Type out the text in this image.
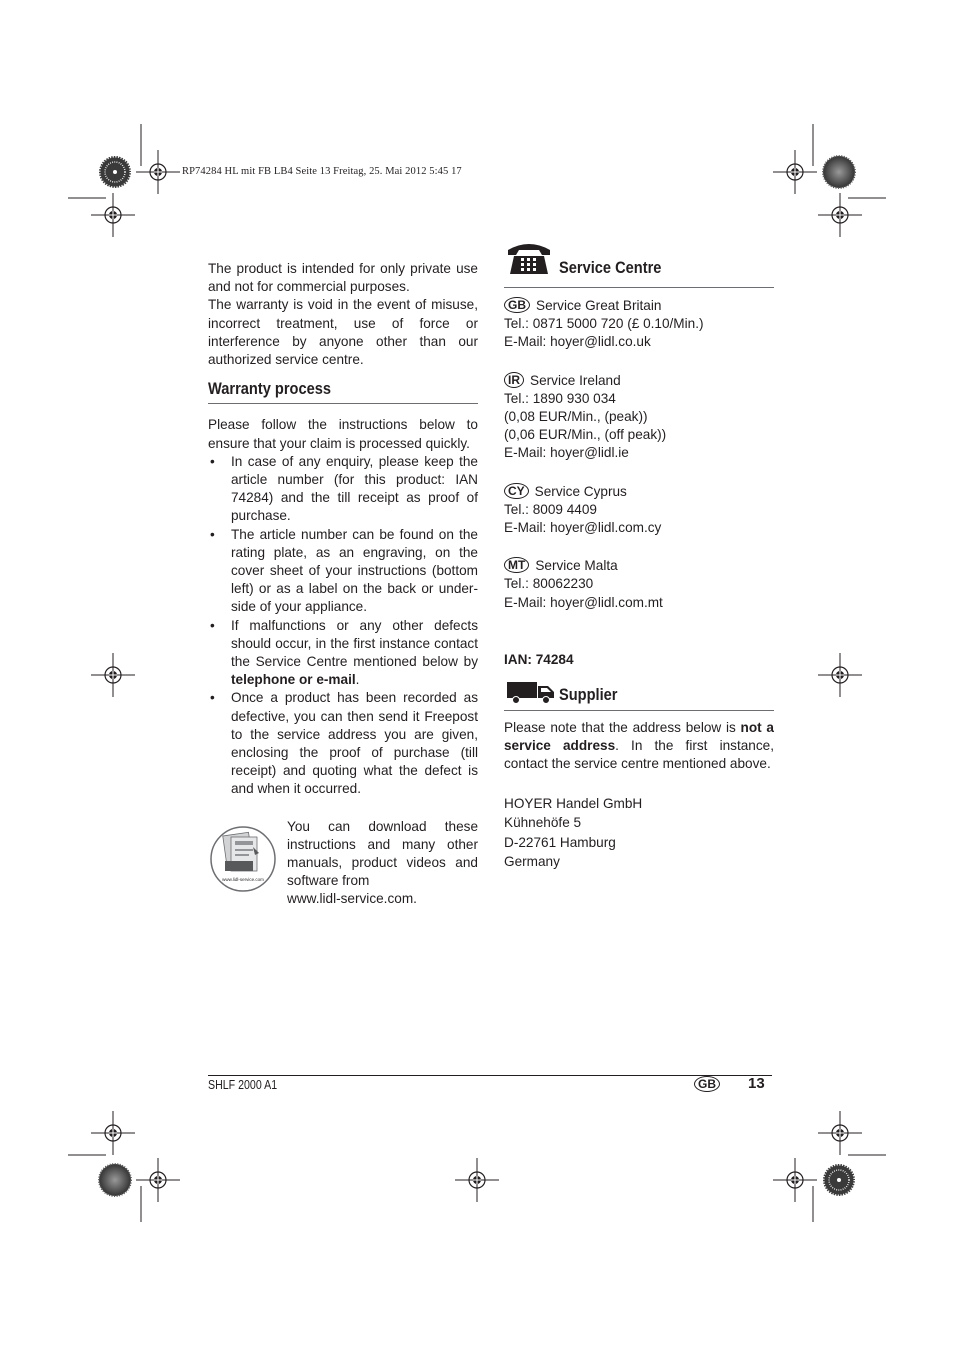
RP74284 HL mit FB LB4 Seite 13 Freitag, 25. Mai 2012 5:45 17
The product is intended for only private use and not for commercial purposes.
The warranty is void in the event of misuse, incorrect treatment, use of force or interference by anyone other than our authorized service centre.
Warranty process
Please follow the instructions below to ensure that your claim is processed quickly.
• In case of any enquiry, please keep the article number (for this product: IAN 74284) and the till receipt as proof of purchase.
• The article number can be found on the rating plate, as an engraving, on the cover sheet of your instructions (bottom left) or as a label on the back or under-side of your appliance.
• If malfunctions or any other defects should occur, in the first instance contact the Service Centre mentioned below by telephone or e-mail.
• Once a product has been recorded as defective, you can then send it Freepost to the service address you are given, enclosing the proof of purchase (till receipt) and quoting what the defect is and when it occurred.
www.lidl-service.com
You can download these instructions and many other manuals, product videos and software from
www.lidl-service.com.
Service Centre
GB Service Great Britain
Tel.: 0871 5000 720 (£ 0.10/Min.)
E-Mail: hoyer@lidl.co.uk
IR Service Ireland
Tel.: 1890 930 034
(0,08 EUR/Min., (peak))
(0,06 EUR/Min., (off peak))
E-Mail: hoyer@lidl.ie
CY Service Cyprus
Tel.: 8009 4409
E-Mail: hoyer@lidl.com.cy
MT Service Malta
Tel.: 80062230
E-Mail: hoyer@lidl.com.mt
IAN: 74284
Supplier
Please note that the address below is not a service address. In the first instance, contact the service centre mentioned above.
HOYER Handel GmbH
Kühnehöfe 5
D-22761 Hamburg
Germany
SHLF 2000 A1	GB 13
